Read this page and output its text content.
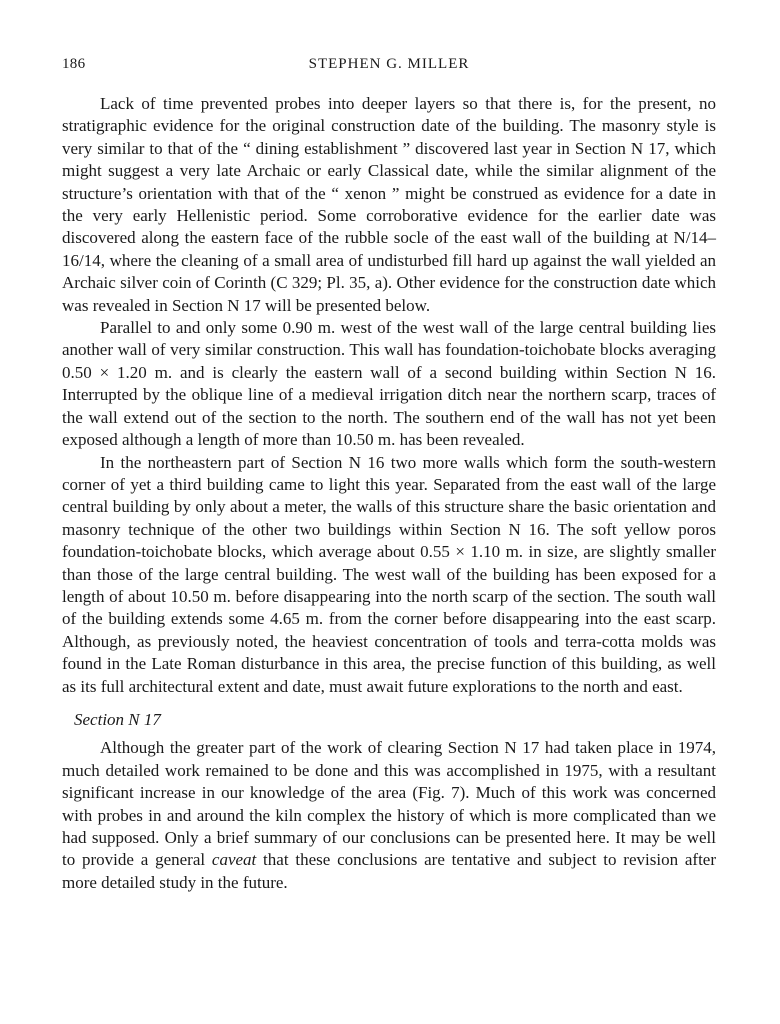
186	STEPHEN G. MILLER

Lack of time prevented probes into deeper layers so that there is, for the present, no stratigraphic evidence for the original construction date of the building. The masonry style is very similar to that of the “ dining establishment ” discovered last year in Section N 17, which might suggest a very late Archaic or early Classical date, while the similar alignment of the structure’s orientation with that of the “ xenon ” might be construed as evidence for a date in the very early Hellenistic period. Some corroborative evidence for the earlier date was discovered along the eastern face of the rubble socle of the east wall of the building at N/14–16/14, where the cleaning of a small area of undisturbed fill hard up against the wall yielded an Archaic silver coin of Corinth (C 329; Pl. 35, a). Other evidence for the construction date which was revealed in Section N 17 will be presented below.

Parallel to and only some 0.90 m. west of the west wall of the large central building lies another wall of very similar construction. This wall has foundation-toichobate blocks averaging 0.50 × 1.20 m. and is clearly the eastern wall of a second building within Section N 16. Interrupted by the oblique line of a medieval irrigation ditch near the northern scarp, traces of the wall extend out of the section to the north. The southern end of the wall has not yet been exposed although a length of more than 10.50 m. has been revealed.

In the northeastern part of Section N 16 two more walls which form the south-western corner of yet a third building came to light this year. Separated from the east wall of the large central building by only about a meter, the walls of this structure share the basic orientation and masonry technique of the other two buildings within Section N 16. The soft yellow poros foundation-toichobate blocks, which average about 0.55 × 1.10 m. in size, are slightly smaller than those of the large central building. The west wall of the building has been exposed for a length of about 10.50 m. before disappearing into the north scarp of the section. The south wall of the building extends some 4.65 m. from the corner before disappearing into the east scarp. Although, as previously noted, the heaviest concentration of tools and terra-cotta molds was found in the Late Roman disturbance in this area, the precise function of this building, as well as its full architectural extent and date, must await future explorations to the north and east.

Section N 17

Although the greater part of the work of clearing Section N 17 had taken place in 1974, much detailed work remained to be done and this was accomplished in 1975, with a resultant significant increase in our knowledge of the area (Fig. 7). Much of this work was concerned with probes in and around the kiln complex the history of which is more complicated than we had supposed. Only a brief summary of our conclusions can be presented here. It may be well to provide a general caveat that these conclusions are tentative and subject to revision after more detailed study in the future.
